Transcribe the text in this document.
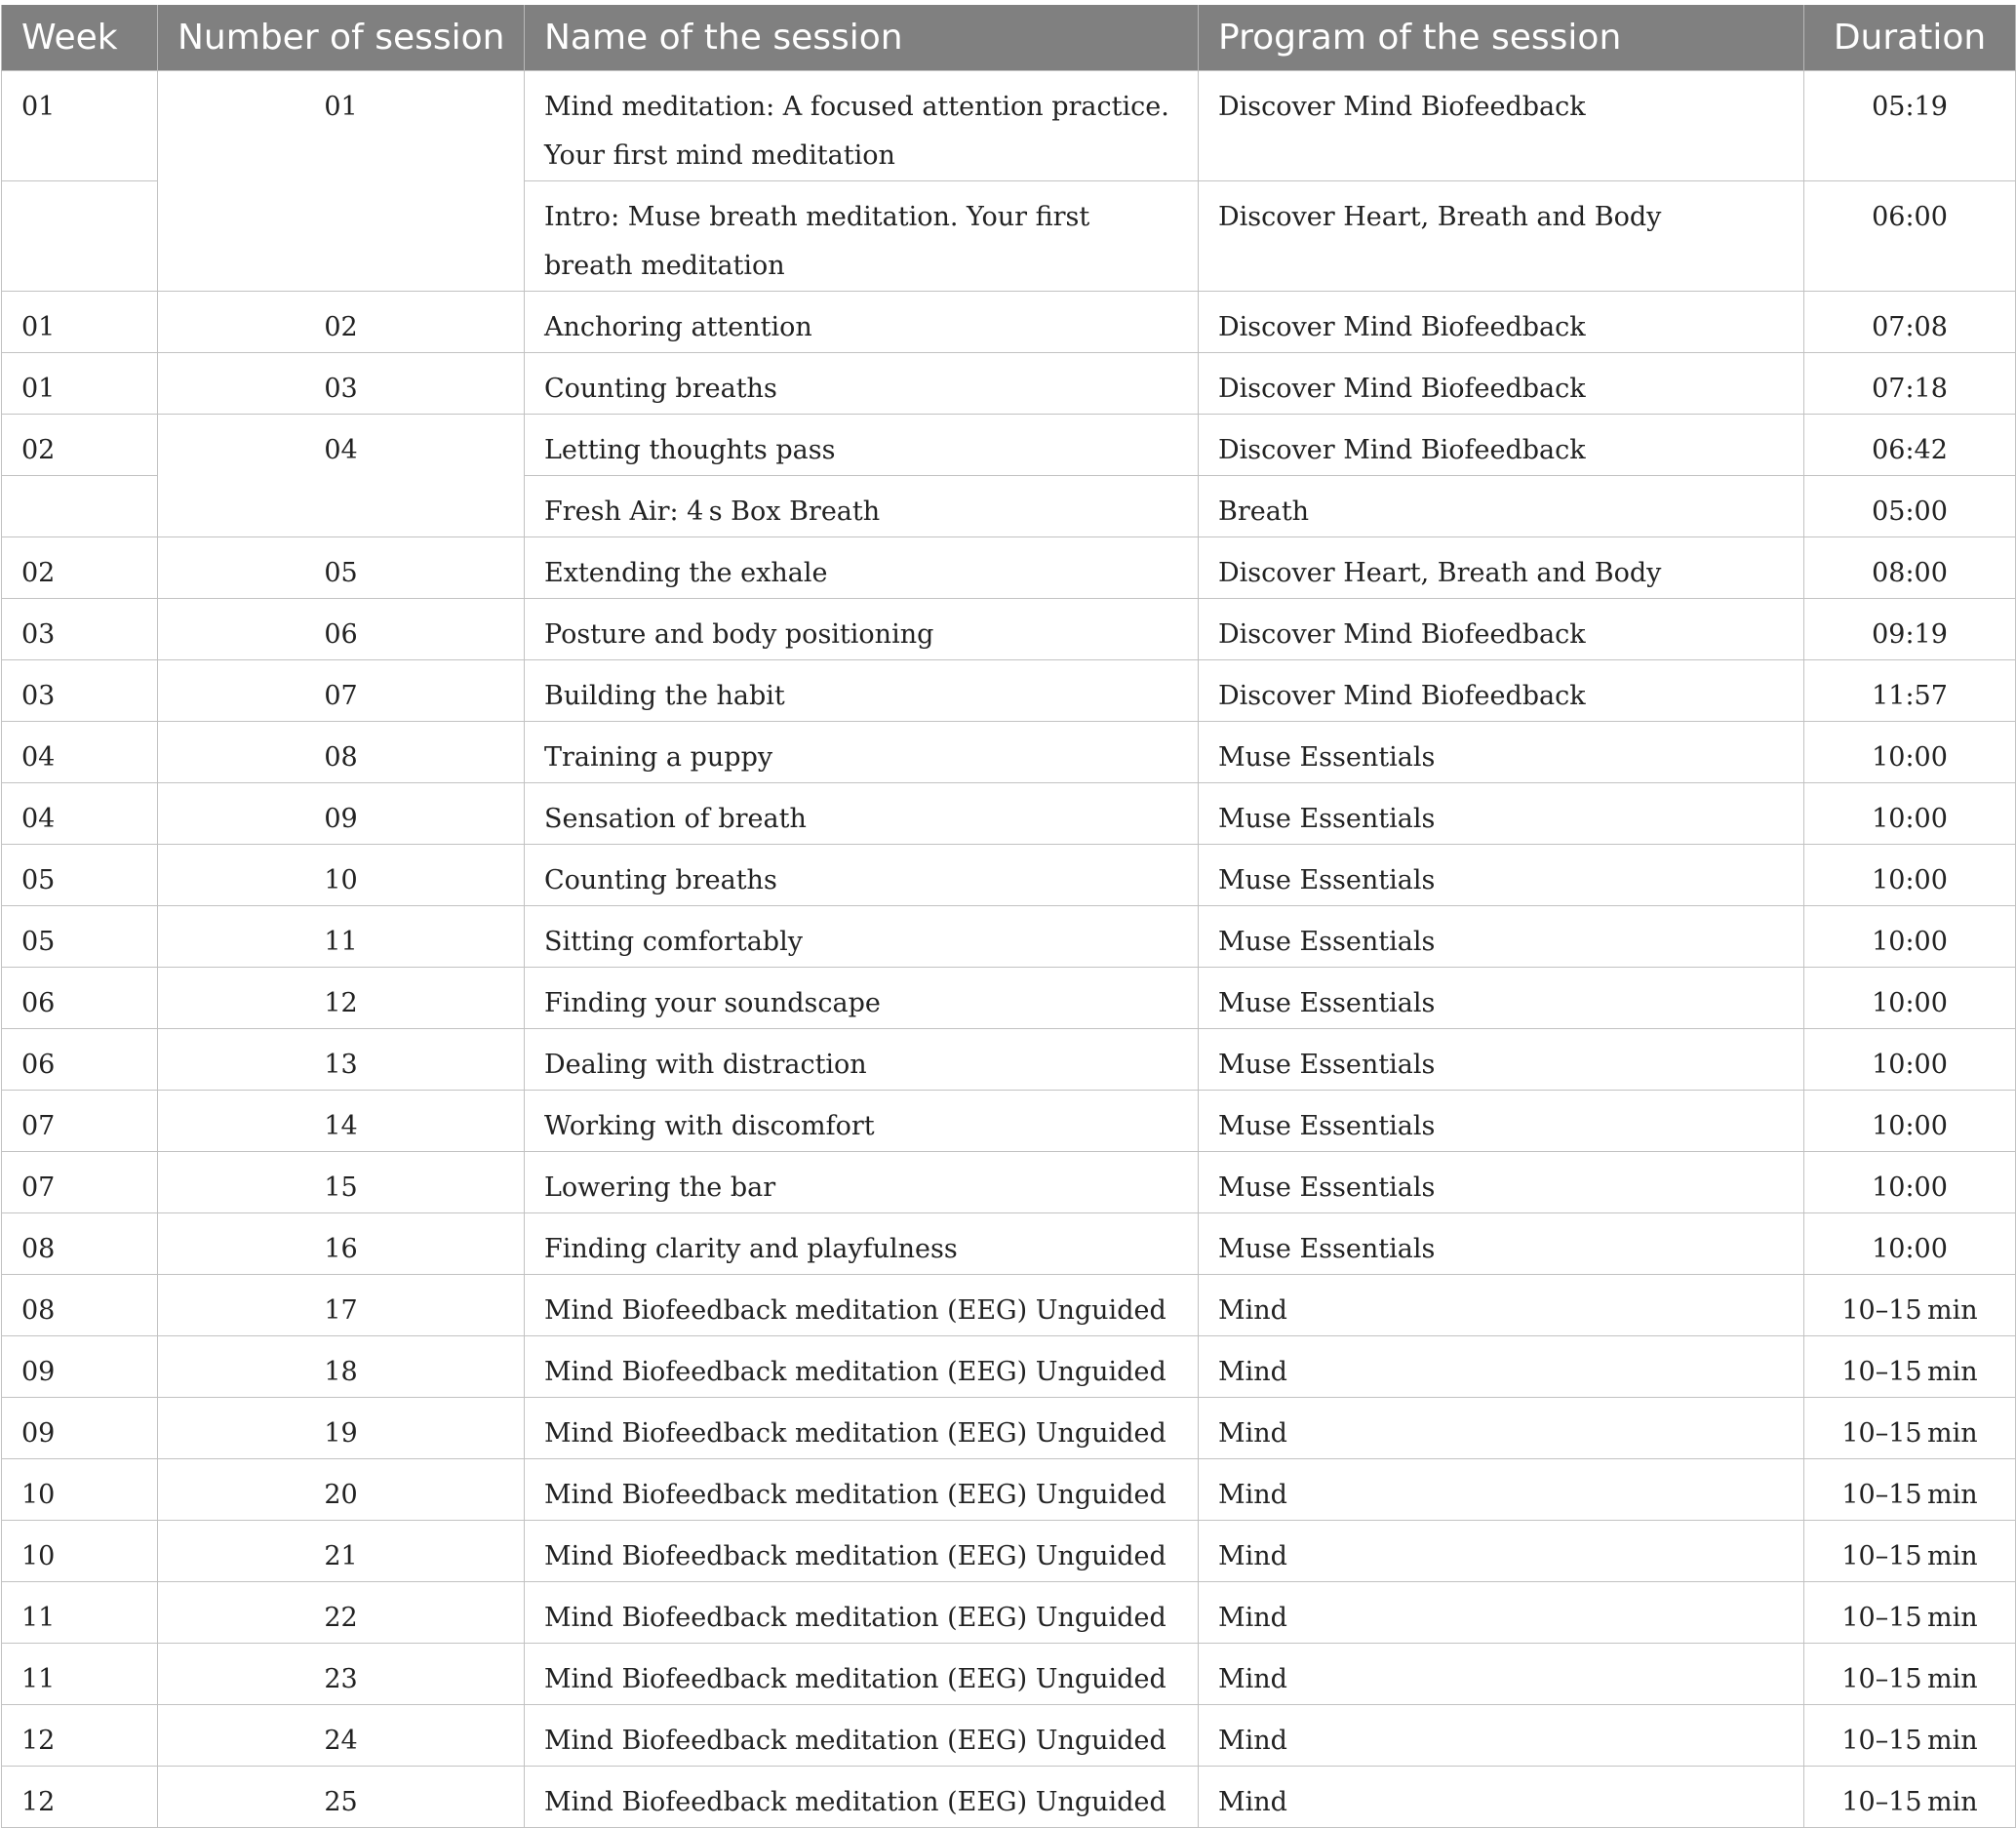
Week	Number of session	Name of the session	Program of the session	Duration
01	01	Mind meditation: A focused attention practice. Your first mind meditation	Discover Mind Biofeedback	05:19
		Intro: Muse breath meditation. Your first breath meditation	Discover Heart, Breath and Body	06:00
01	02	Anchoring attention	Discover Mind Biofeedback	07:08
01	03	Counting breaths	Discover Mind Biofeedback	07:18
02	04	Letting thoughts pass	Discover Mind Biofeedback	06:42
		Fresh Air: 4 s Box Breath	Breath	05:00
02	05	Extending the exhale	Discover Heart, Breath and Body	08:00
03	06	Posture and body positioning	Discover Mind Biofeedback	09:19
03	07	Building the habit	Discover Mind Biofeedback	11:57
04	08	Training a puppy	Muse Essentials	10:00
04	09	Sensation of breath	Muse Essentials	10:00
05	10	Counting breaths	Muse Essentials	10:00
05	11	Sitting comfortably	Muse Essentials	10:00
06	12	Finding your soundscape	Muse Essentials	10:00
06	13	Dealing with distraction	Muse Essentials	10:00
07	14	Working with discomfort	Muse Essentials	10:00
07	15	Lowering the bar	Muse Essentials	10:00
08	16	Finding clarity and playfulness	Muse Essentials	10:00
08	17	Mind Biofeedback meditation (EEG) Unguided	Mind	10–15 min
09	18	Mind Biofeedback meditation (EEG) Unguided	Mind	10–15 min
09	19	Mind Biofeedback meditation (EEG) Unguided	Mind	10–15 min
10	20	Mind Biofeedback meditation (EEG) Unguided	Mind	10–15 min
10	21	Mind Biofeedback meditation (EEG) Unguided	Mind	10–15 min
11	22	Mind Biofeedback meditation (EEG) Unguided	Mind	10–15 min
11	23	Mind Biofeedback meditation (EEG) Unguided	Mind	10–15 min
12	24	Mind Biofeedback meditation (EEG) Unguided	Mind	10–15 min
12	25	Mind Biofeedback meditation (EEG) Unguided	Mind	10–15 min
